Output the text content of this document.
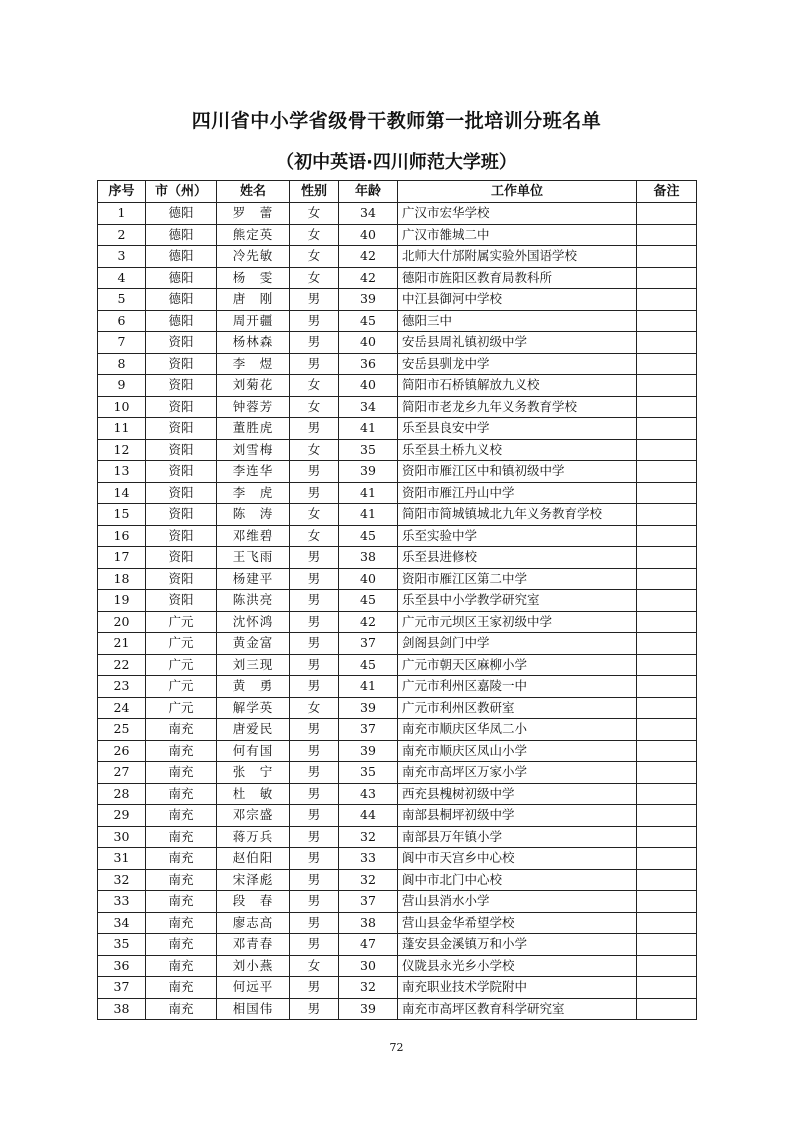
四川省中小学省级骨干教师第一批培训分班名单
（初中英语·四川师范大学班）
序号	市（州）	姓名	性别	年龄	工作单位	备注
1	德阳	罗　蕾	女	34	广汉市宏华学校	
2	德阳	熊定英	女	40	广汉市雒城二中	
3	德阳	冷先敏	女	42	北师大什邡附属实验外国语学校	
4	德阳	杨　雯	女	42	德阳市旌阳区教育局教科所	
5	德阳	唐　刚	男	39	中江县御河中学校	
6	德阳	周开疆	男	45	德阳三中	
7	资阳	杨林森	男	40	安岳县周礼镇初级中学	
8	资阳	李　煜	男	36	安岳县驯龙中学	
9	资阳	刘菊花	女	40	简阳市石桥镇解放九义校	
10	资阳	钟蓉芳	女	34	简阳市老龙乡九年义务教育学校	
11	资阳	董胜虎	男	41	乐至县良安中学	
12	资阳	刘雪梅	女	35	乐至县土桥九义校	
13	资阳	李连华	男	39	资阳市雁江区中和镇初级中学	
14	资阳	李　虎	男	41	资阳市雁江丹山中学	
15	资阳	陈　涛	女	41	简阳市简城镇城北九年义务教育学校	
16	资阳	邓维碧	女	45	乐至实验中学	
17	资阳	王飞雨	男	38	乐至县进修校	
18	资阳	杨建平	男	40	资阳市雁江区第二中学	
19	资阳	陈洪亮	男	45	乐至县中小学教学研究室	
20	广元	沈怀鸿	男	42	广元市元坝区王家初级中学	
21	广元	黄金富	男	37	剑阁县剑门中学	
22	广元	刘三现	男	45	广元市朝天区麻柳小学	
23	广元	黄　勇	男	41	广元市利州区嘉陵一中	
24	广元	解学英	女	39	广元市利州区教研室	
25	南充	唐爱民	男	37	南充市顺庆区华凤二小	
26	南充	何有国	男	39	南充市顺庆区凤山小学	
27	南充	张　宁	男	35	南充市高坪区万家小学	
28	南充	杜　敏	男	43	西充县槐树初级中学	
29	南充	邓宗盛	男	44	南部县桐坪初级中学	
30	南充	蒋万兵	男	32	南部县万年镇小学	
31	南充	赵伯阳	男	33	阆中市天宫乡中心校	
32	南充	宋泽彪	男	32	阆中市北门中心校	
33	南充	段　春	男	37	营山县消水小学	
34	南充	廖志高	男	38	营山县金华希望学校	
35	南充	邓青春	男	47	蓬安县金溪镇万和小学	
36	南充	刘小燕	女	30	仪陇县永光乡小学校	
37	南充	何远平	男	32	南充职业技术学院附中	
38	南充	相国伟	男	39	南充市高坪区教育科学研究室	
72
